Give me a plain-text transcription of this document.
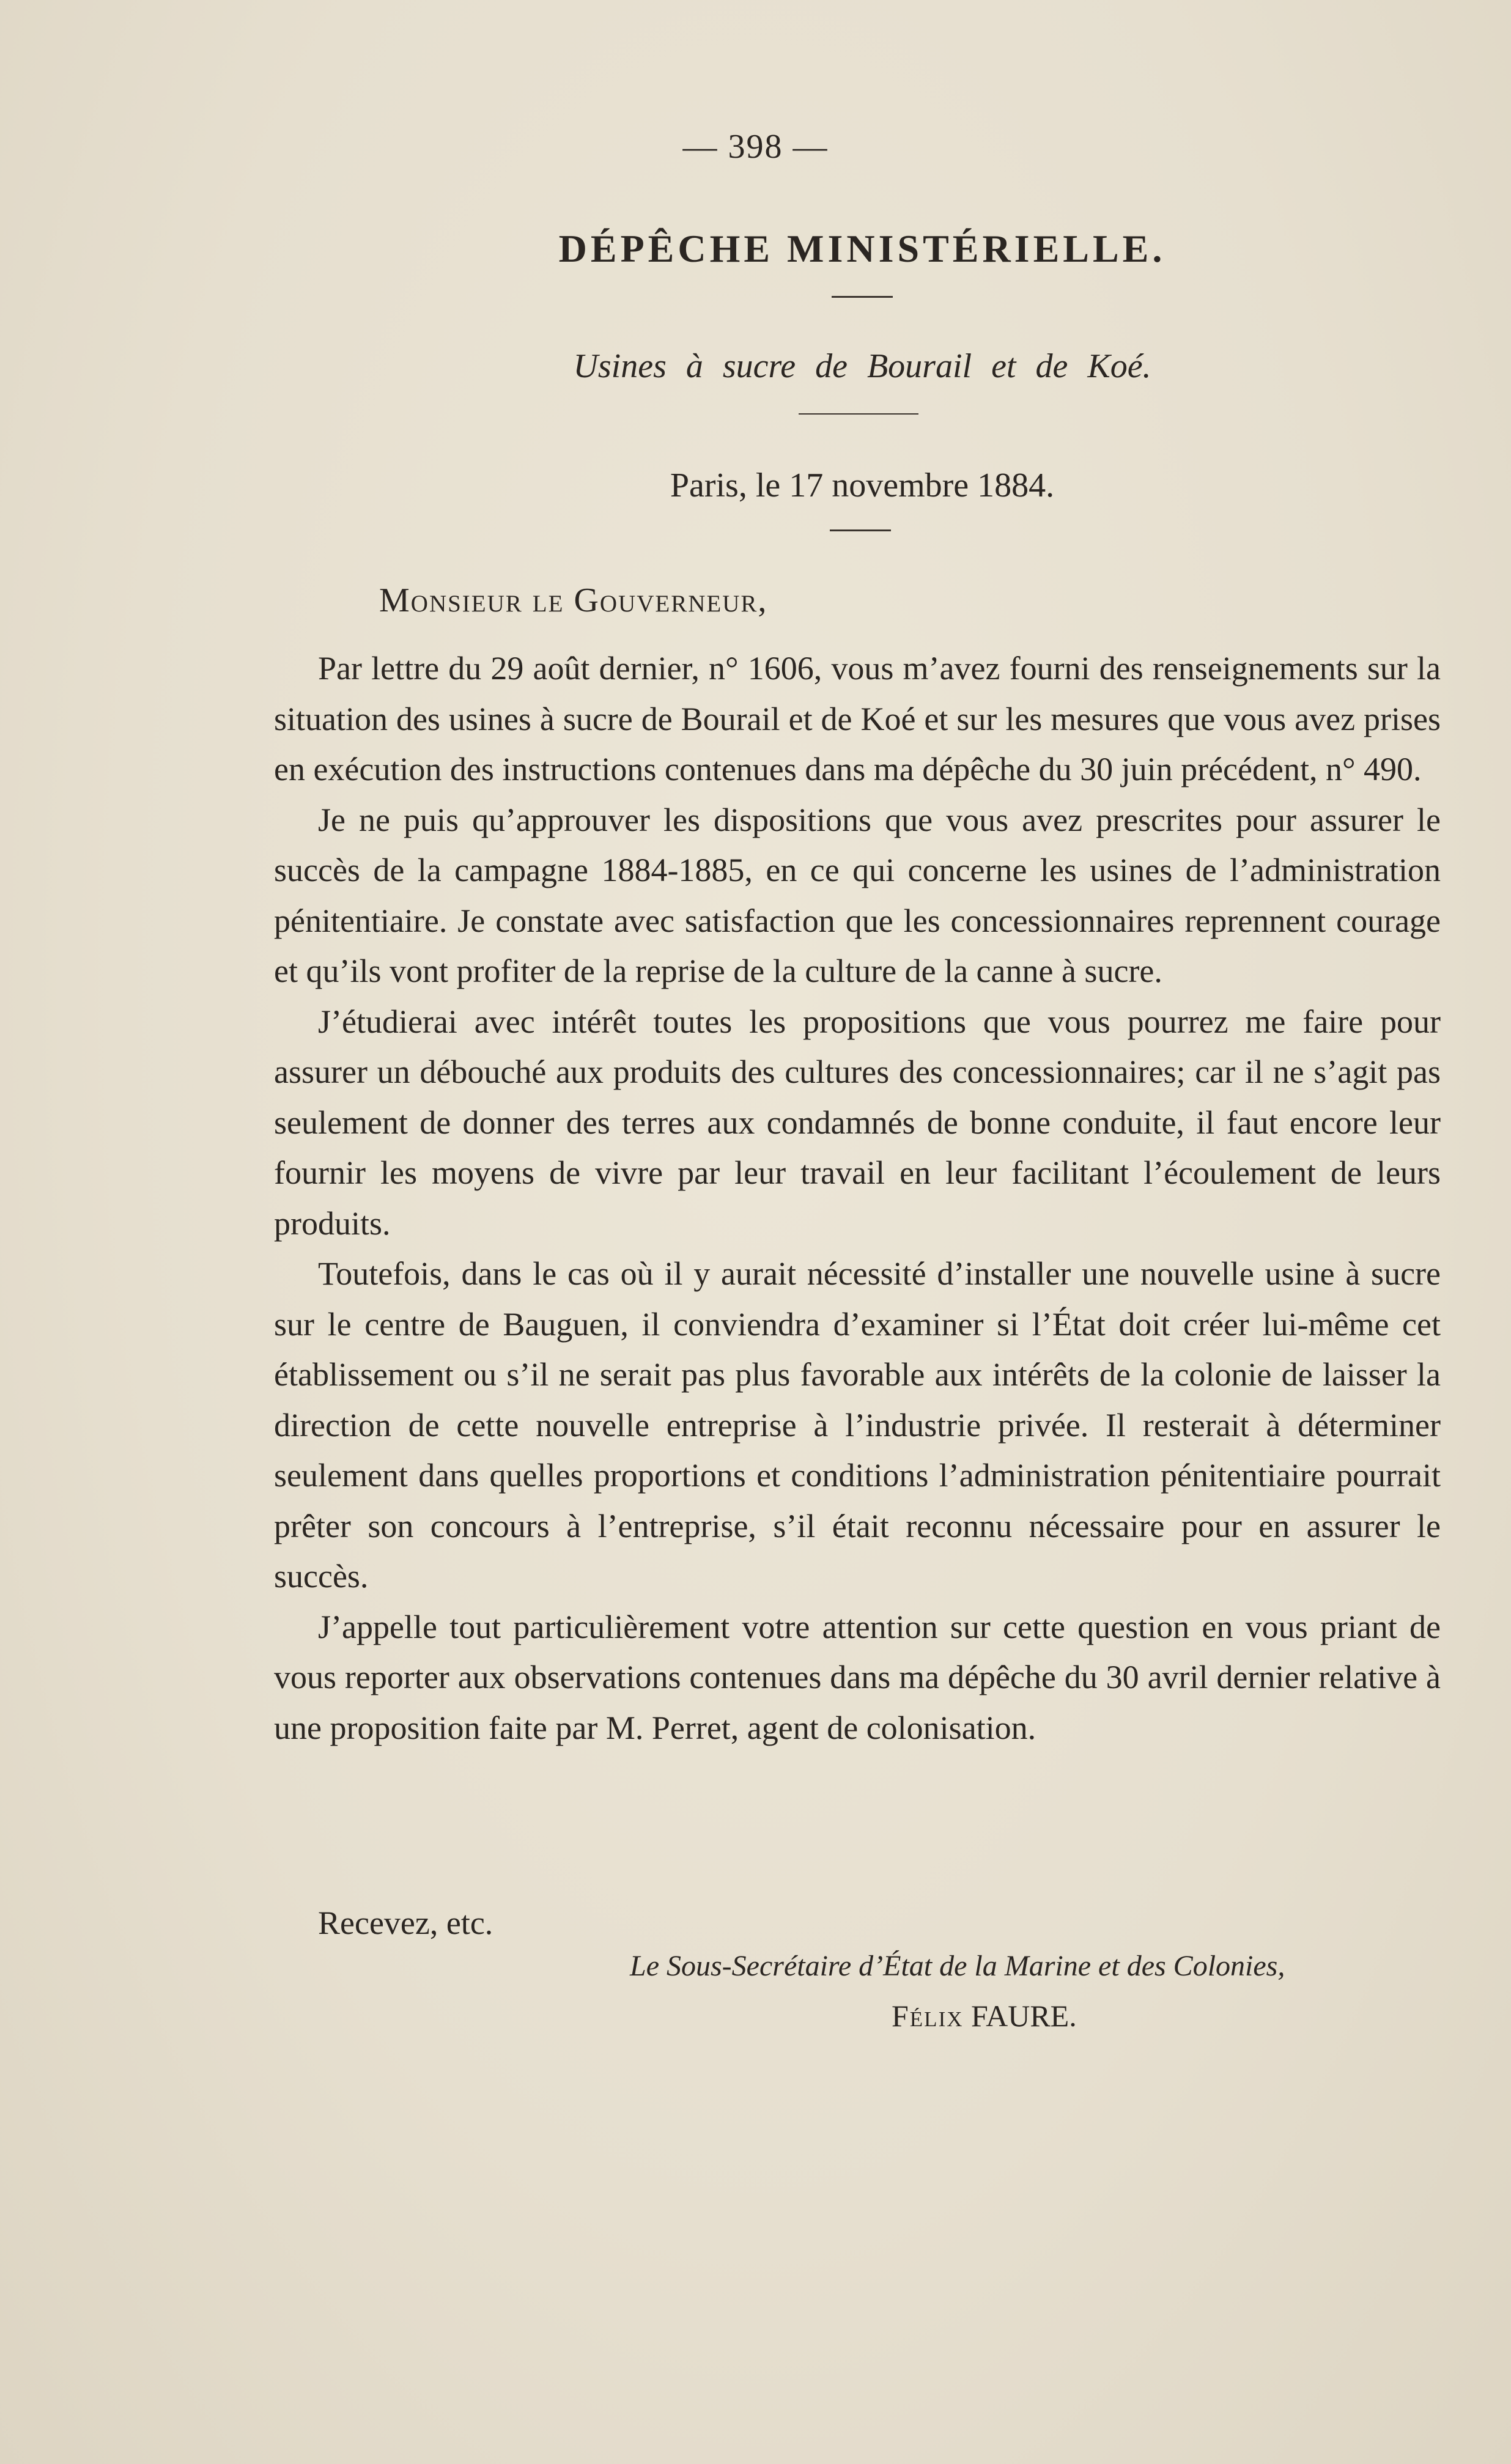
— 398 —
DÉPÊCHE MINISTÉRIELLE.
Usines à sucre de Bourail et de Koé.
Paris, le 17 novembre 1884.
Monsieur le Gouverneur,

Par lettre du 29 août dernier, n° 1606, vous m’avez fourni des renseignements sur la situation des usines à sucre de Bourail et de Koé et sur les mesures que vous avez prises en exécution des instructions contenues dans ma dépêche du 30 juin précédent, n° 490.

Je ne puis qu’approuver les dispositions que vous avez prescrites pour assurer le succès de la campagne 1884-1885, en ce qui concerne les usines de l’administration pénitentiaire. Je constate avec satisfaction que les concessionnaires reprennent courage et qu’ils vont profiter de la reprise de la culture de la canne à sucre.

J’étudierai avec intérêt toutes les propositions que vous pourrez me faire pour assurer un débouché aux produits des cultures des concessionnaires; car il ne s’agit pas seulement de donner des terres aux condamnés de bonne conduite, il faut encore leur fournir les moyens de vivre par leur travail en leur facilitant l’écoulement de leurs produits.

Toutefois, dans le cas où il y aurait nécessité d’installer une nouvelle usine à sucre sur le centre de Bauguen, il conviendra d’examiner si l’État doit créer lui-même cet établissement ou s’il ne serait pas plus favorable aux intérêts de la colonie de laisser la direction de cette nouvelle entreprise à l’industrie privée. Il resterait à déterminer seulement dans quelles proportions et conditions l’administration pénitentiaire pourrait prêter son concours à l’entreprise, s’il était reconnu nécessaire pour en assurer le succès.

J’appelle tout particulièrement votre attention sur cette question en vous priant de vous reporter aux observations contenues dans ma dépêche du 30 avril dernier relative à une proposition faite par M. Perret, agent de colonisation.

Recevez, etc.
Le Sous-Secrétaire d’État de la Marine et des Colonies,
Félix FAURE.
